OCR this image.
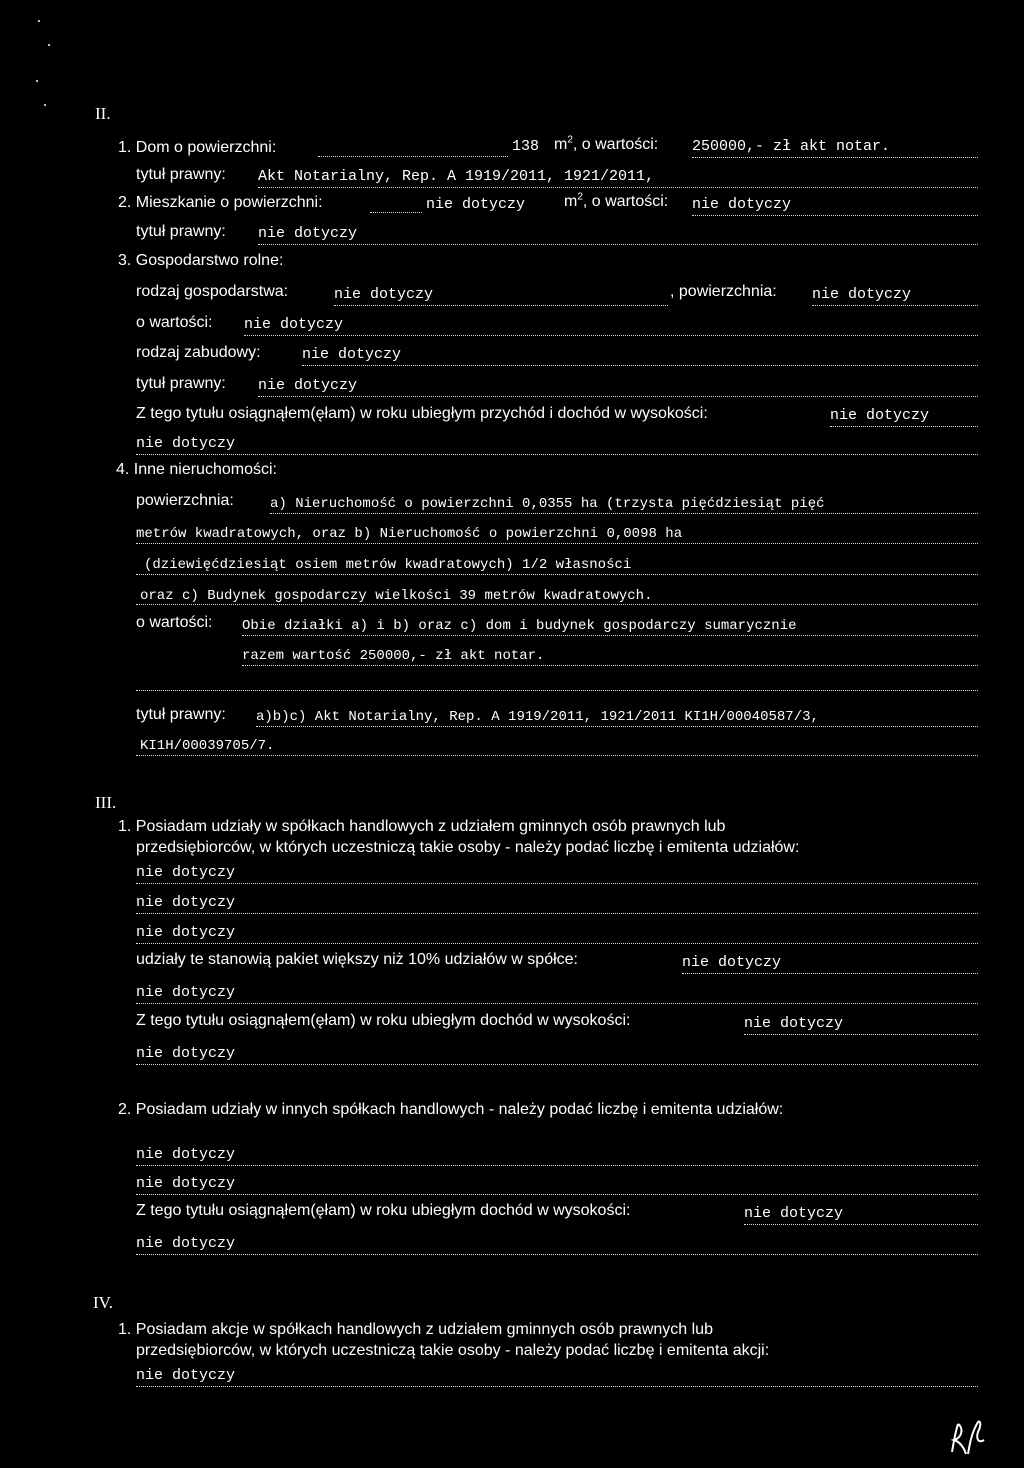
II.
1. Dom o powierzchni:	138 $m^2$, o wartości: 250000,- zł akt notar.
tytuł prawny: Akt Notarialny, Rep. A 1919/2011, 1921/2011,
2. Mieszkanie o powierzchni:	nie dotyczy $m^2$, o wartości: nie dotyczy
tytuł prawny: nie dotyczy
3. Gospodarstwo rolne:
rodzaj gospodarstwa:	nie dotyczy	, powierzchnia: nie dotyczy
o wartości: nie dotyczy
rodzaj zabudowy:	nie dotyczy
tytuł prawny: nie dotyczy
Z tego tytułu osiągnąłem(ęłam) w roku ubiegłym przychód i dochód w wysokości:	nie dotyczy
nie dotyczy
4. Inne nieruchomości:
powierzchnia:	a) Nieruchomość o powierzchni 0,0355 ha (trzysta pięćdziesiąt pięć
metrów kwadratowych, oraz b) Nieruchomość o powierzchni 0,0098 ha
(dziewięćdziesiąt osiem metrów kwadratowych) 1/2 własności
oraz c) Budynek gospodarczy wielkości 39 metrów kwadratowych.
o wartości: Obie działki a) i b) oraz c) dom i budynek gospodarczy sumarycznie
razem wartość 250000,- zł akt notar.
tytuł prawny: a)b)c) Akt Notarialny, Rep. A 1919/2011, 1921/2011 KI1H/00040587/3,
KI1H/00039705/7.
III.
1. Posiadam udziały w spółkach handlowych z udziałem gminnych osób prawnych lub
przedsiębiorców, w których uczestniczą takie osoby - należy podać liczbę i emitenta udziałów:
nie dotyczy
nie dotyczy
nie dotyczy
udziały te stanowią pakiet większy niż 10% udziałów w spółce:	nie dotyczy
nie dotyczy
Z tego tytułu osiągnąłem(ęłam) w roku ubiegłym dochód w wysokości:	nie dotyczy
nie dotyczy
2. Posiadam udziały w innych spółkach handlowych - należy podać liczbę i emitenta udziałów:
nie dotyczy
nie dotyczy
Z tego tytułu osiągnąłem(ęłam) w roku ubiegłym dochód w wysokości:	nie dotyczy
nie dotyczy
IV.
1. Posiadam akcje w spółkach handlowych z udziałem gminnych osób prawnych lub
przedsiębiorców, w których uczestniczą takie osoby - należy podać liczbę i emitenta akcji:
nie dotyczy
